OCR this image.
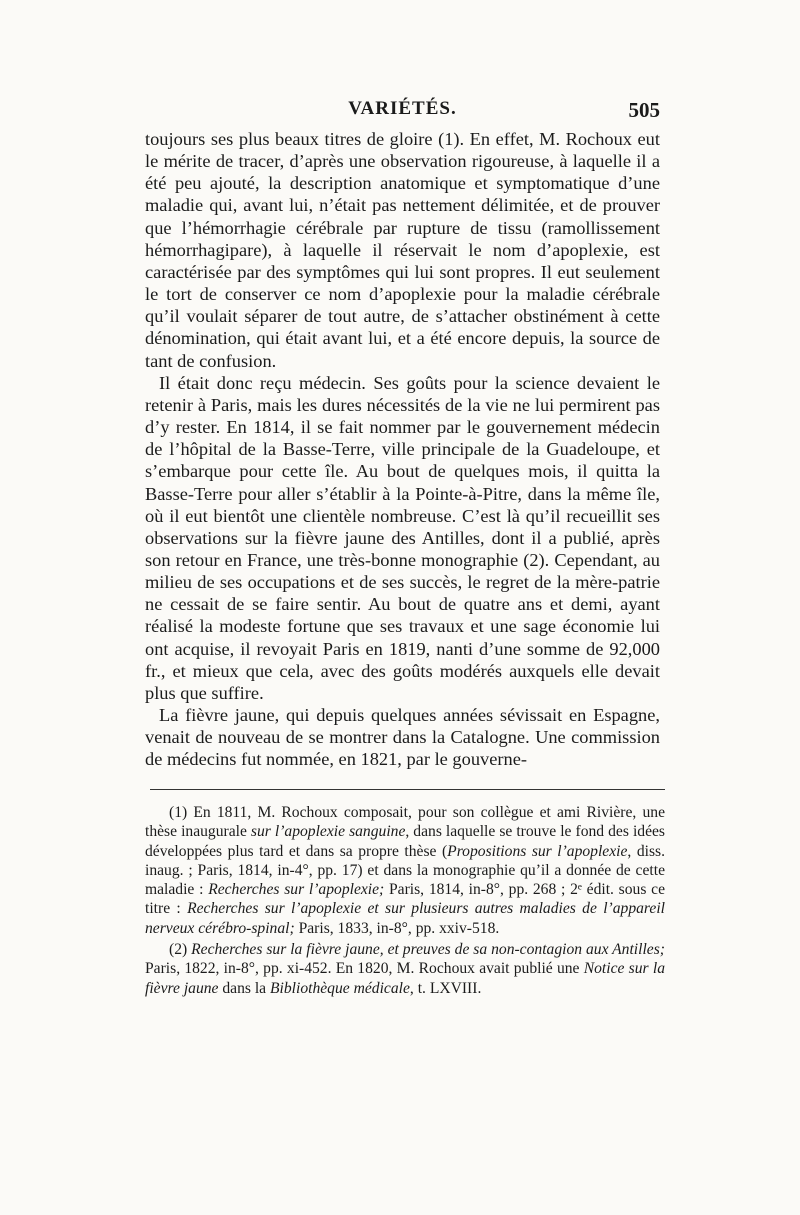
VARIÉTÉS.	505

toujours ses plus beaux titres de gloire (1). En effet, M. Rochoux eut le mérite de tracer, d’après une observation rigoureuse, à laquelle il a été peu ajouté, la description anatomique et symptomatique d’une maladie qui, avant lui, n’était pas nettement délimitée, et de prouver que l’hémorrhagie cérébrale par rupture de tissu (ramollissement hémorrhagipare), à laquelle il réservait le nom d’apoplexie, est caractérisée par des symptômes qui lui sont propres. Il eut seulement le tort de conserver ce nom d’apoplexie pour la maladie cérébrale qu’il voulait séparer de tout autre, de s’attacher obstinément à cette dénomination, qui était avant lui, et a été encore depuis, la source de tant de confusion.

Il était donc reçu médecin. Ses goûts pour la science devaient le retenir à Paris, mais les dures nécessités de la vie ne lui permirent pas d’y rester. En 1814, il se fait nommer par le gouvernement médecin de l’hôpital de la Basse-Terre, ville principale de la Guadeloupe, et s’embarque pour cette île. Au bout de quelques mois, il quitta la Basse-Terre pour aller s’établir à la Pointe-à-Pitre, dans la même île, où il eut bientôt une clientèle nombreuse. C’est là qu’il recueillit ses observations sur la fièvre jaune des Antilles, dont il a publié, après son retour en France, une très-bonne monographie (2). Cependant, au milieu de ses occupations et de ses succès, le regret de la mère-patrie ne cessait de se faire sentir. Au bout de quatre ans et demi, ayant réalisé la modeste fortune que ses travaux et une sage économie lui ont acquise, il revoyait Paris en 1819, nanti d’une somme de 92,000 fr., et mieux que cela, avec des goûts modérés auxquels elle devait plus que suffire.

La fièvre jaune, qui depuis quelques années sévissait en Espagne, venait de nouveau de se montrer dans la Catalogne. Une commission de médecins fut nommée, en 1821, par le gouverne-

(1) En 1811, M. Rochoux composait, pour son collègue et ami Rivière, une thèse inaugurale sur l’apoplexie sanguine, dans laquelle se trouve le fond des idées développées plus tard et dans sa propre thèse (Propositions sur l’apoplexie, diss. inaug. ; Paris, 1814, in-4°, pp. 17) et dans la monographie qu’il a donnée de cette maladie : Recherches sur l’apoplexie; Paris, 1814, in-8°, pp. 268 ; 2ᵉ édit. sous ce titre : Recherches sur l’apoplexie et sur plusieurs autres maladies de l’appareil nerveux cérébro-spinal; Paris, 1833, in-8°, pp. xxiv-518.

(2) Recherches sur la fièvre jaune, et preuves de sa non-contagion aux Antilles; Paris, 1822, in-8°, pp. xi-452. En 1820, M. Rochoux avait publié une Notice sur la fièvre jaune dans la Bibliothèque médicale, t. LXVIII.
